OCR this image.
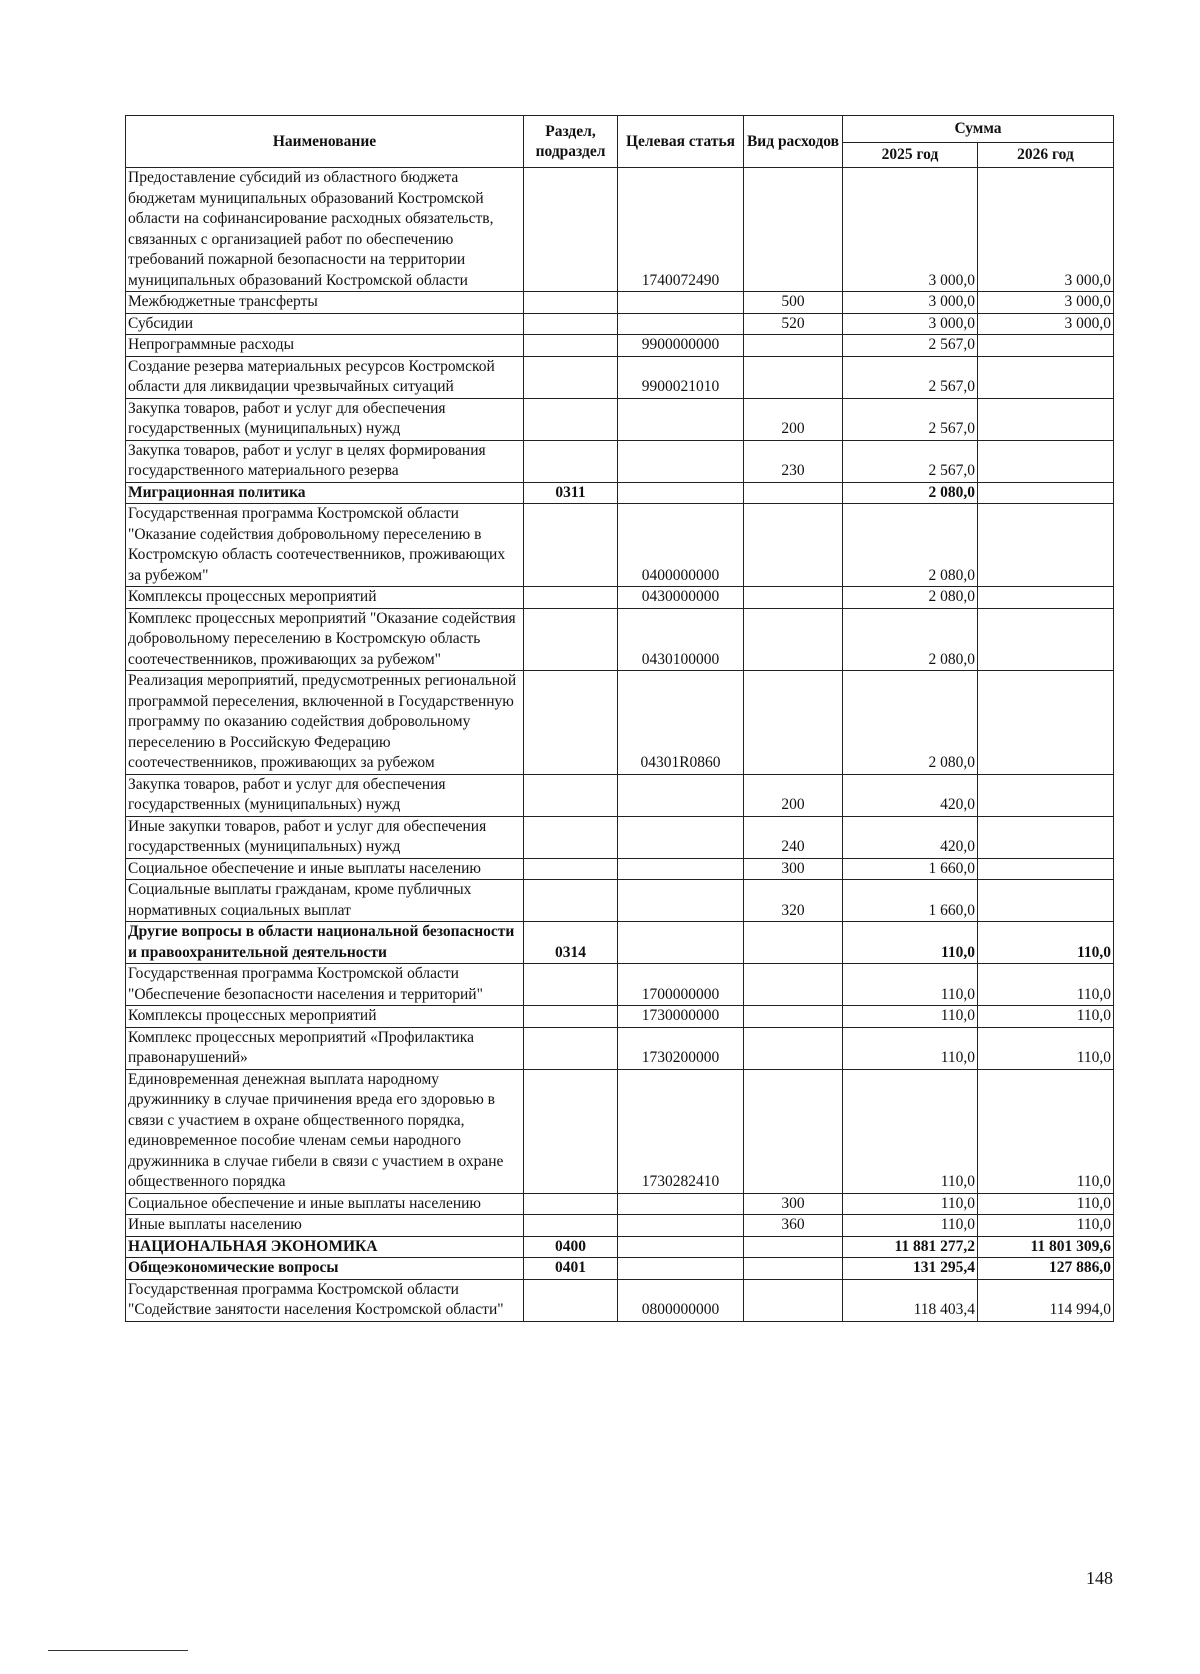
Наименование	Раздел, подраздел	Целевая статья	Вид расходов	Сумма	
				2025 год	2026 год
Предоставление субсидий из областного бюджета бюджетам муниципальных образований Костромской области на софинансирование расходных обязательств, связанных с организацией работ по обеспечению требований пожарной безопасности на территории муниципальных образований Костромской области		1740072490		3 000,0	3 000,0
Межбюджетные трансферты			500	3 000,0	3 000,0
Субсидии			520	3 000,0	3 000,0
Непрограммные расходы		9900000000		2 567,0	
Создание резерва материальных ресурсов Костромской области для ликвидации чрезвычайных ситуаций		9900021010		2 567,0	
Закупка товаров, работ и услуг для обеспечения государственных (муниципальных) нужд			200	2 567,0	
Закупка товаров, работ и услуг в целях формирования государственного материального резерва			230	2 567,0	
Миграционная политика	0311			2 080,0	
Государственная программа Костромской области "Оказание содействия добровольному переселению в Костромскую область соотечественников, проживающих за рубежом"		0400000000		2 080,0	
Комплексы процессных мероприятий		0430000000		2 080,0	
Комплекс процессных мероприятий "Оказание содействия добровольному переселению в Костромскую область соотечественников, проживающих за рубежом"		0430100000		2 080,0	
Реализация мероприятий, предусмотренных региональной программой переселения, включенной в Государственную программу по оказанию содействия добровольному переселению в Российскую Федерацию соотечественников, проживающих за рубежом		04301R0860		2 080,0	
Закупка товаров, работ и услуг для обеспечения государственных (муниципальных) нужд			200	420,0	
Иные закупки товаров, работ и услуг для обеспечения государственных (муниципальных) нужд			240	420,0	
Социальное обеспечение и иные выплаты населению			300	1 660,0	
Социальные выплаты гражданам, кроме публичных нормативных социальных выплат			320	1 660,0	
Другие вопросы в области национальной безопасности и правоохранительной деятельности	0314			110,0	110,0
Государственная программа Костромской области "Обеспечение безопасности населения и территорий"		1700000000		110,0	110,0
Комплексы процессных мероприятий		1730000000		110,0	110,0
Комплекс процессных мероприятий «Профилактика правонарушений»		1730200000		110,0	110,0
Единовременная денежная выплата народному дружиннику в случае причинения вреда его здоровью в связи с участием в охране общественного порядка, единовременное пособие членам семьи народного дружинника в случае гибели в связи с участием в охране общественного порядка		1730282410		110,0	110,0
Социальное обеспечение и иные выплаты населению			300	110,0	110,0
Иные выплаты населению			360	110,0	110,0
НАЦИОНАЛЬНАЯ ЭКОНОМИКА	0400			11 881 277,2	11 801 309,6
Общеэкономические вопросы	0401			131 295,4	127 886,0
Государственная программа Костромской области "Содействие занятости населения Костромской области"		0800000000		118 403,4	114 994,0
148
